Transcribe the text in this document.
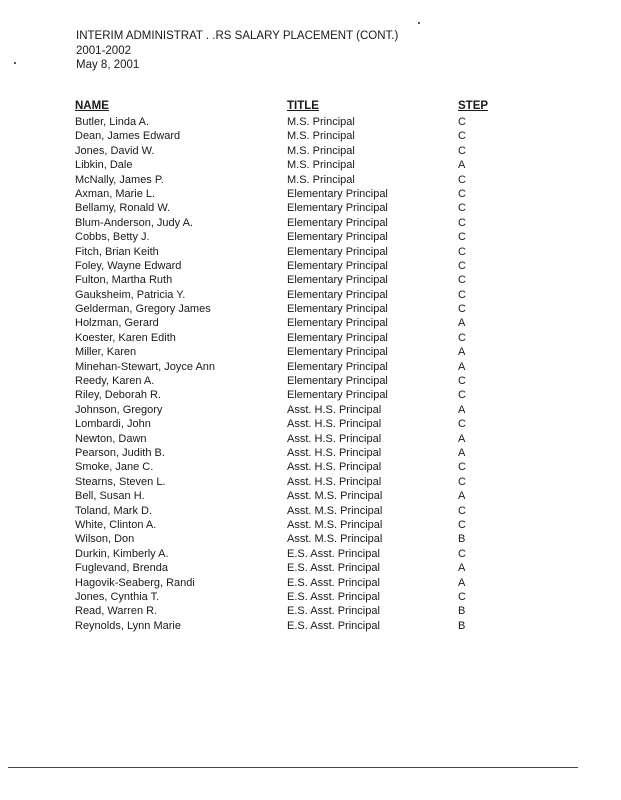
INTERIM ADMINISTRAT . .RS SALARY PLACEMENT (CONT.)
2001-2002
May 8, 2001
NAME	TITLE	STEP
Butler, Linda A.	M.S. Principal	C
Dean, James Edward	M.S. Principal	C
Jones, David W.	M.S. Principal	C
Libkin, Dale	M.S. Principal	A
McNally, James P.	M.S. Principal	C
Axman, Marie L.	Elementary Principal	C
Bellamy, Ronald W.	Elementary Principal	C
Blum-Anderson, Judy A.	Elementary Principal	C
Cobbs, Betty J.	Elementary Principal	C
Fitch, Brian Keith	Elementary Principal	C
Foley, Wayne Edward	Elementary Principal	C
Fulton, Martha Ruth	Elementary Principal	C
Gauksheim, Patricia Y.	Elementary Principal	C
Gelderman, Gregory James	Elementary Principal	C
Holzman, Gerard	Elementary Principal	A
Koester, Karen Edith	Elementary Principal	C
Miller, Karen	Elementary Principal	A
Minehan-Stewart, Joyce Ann	Elementary Principal	A
Reedy, Karen A.	Elementary Principal	C
Riley, Deborah R.	Elementary Principal	C
Johnson, Gregory	Asst. H.S. Principal	A
Lombardi, John	Asst. H.S. Principal	C
Newton, Dawn	Asst. H.S. Principal	A
Pearson, Judith B.	Asst. H.S. Principal	A
Smoke, Jane C.	Asst. H.S. Principal	C
Stearns, Steven L.	Asst. H.S. Principal	C
Bell, Susan H.	Asst. M.S. Principal	A
Toland, Mark D.	Asst. M.S. Principal	C
White, Clinton A.	Asst. M.S. Principal	C
Wilson, Don	Asst. M.S. Principal	B
Durkin, Kimberly A.	E.S. Asst. Principal	C
Fuglevand, Brenda	E.S. Asst. Principal	A
Hagovik-Seaberg, Randi	E.S. Asst. Principal	A
Jones, Cynthia T.	E.S. Asst. Principal	C
Read, Warren R.	E.S. Asst. Principal	B
Reynolds, Lynn Marie	E.S. Asst. Principal	B
